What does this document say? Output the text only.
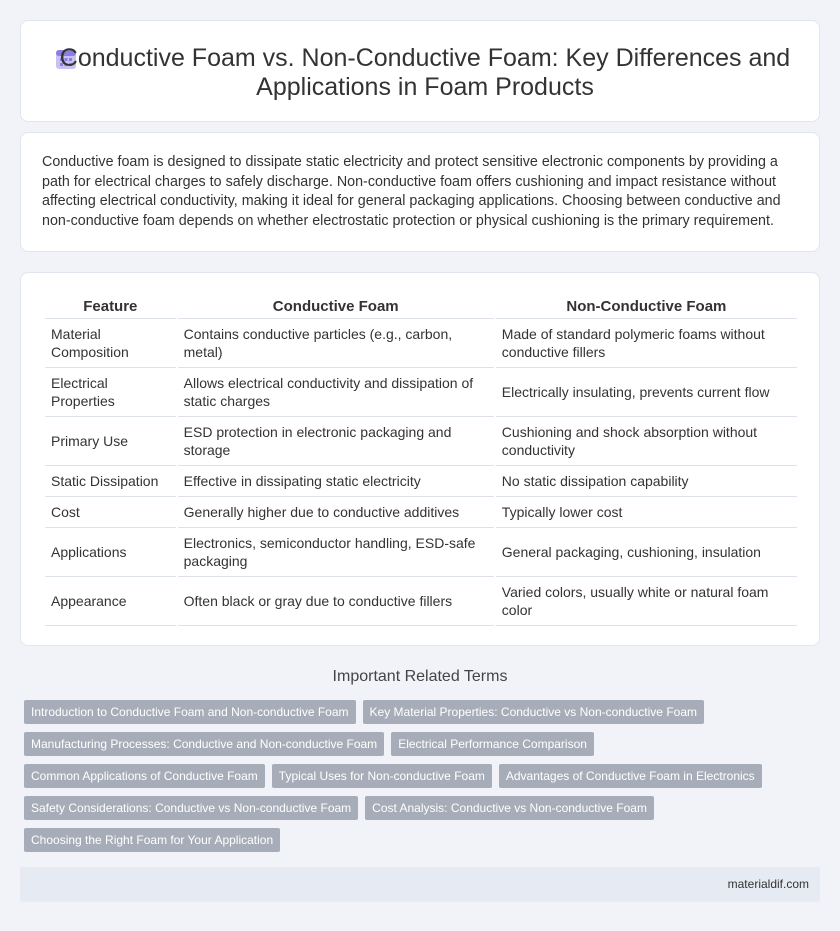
Conductive Foam vs. Non-Conductive Foam: Key Differences and Applications in Foam Products

Conductive foam is designed to dissipate static electricity and protect sensitive electronic components by providing a path for electrical charges to safely discharge. Non-conductive foam offers cushioning and impact resistance without affecting electrical conductivity, making it ideal for general packaging applications. Choosing between conductive and non-conductive foam depends on whether electrostatic protection or physical cushioning is the primary requirement.

Feature	Conductive Foam	Non-Conductive Foam
Material Composition	Contains conductive particles (e.g., carbon, metal)	Made of standard polymeric foams without conductive fillers
Electrical Properties	Allows electrical conductivity and dissipation of static charges	Electrically insulating, prevents current flow
Primary Use	ESD protection in electronic packaging and storage	Cushioning and shock absorption without conductivity
Static Dissipation	Effective in dissipating static electricity	No static dissipation capability
Cost	Generally higher due to conductive additives	Typically lower cost
Applications	Electronics, semiconductor handling, ESD-safe packaging	General packaging, cushioning, insulation
Appearance	Often black or gray due to conductive fillers	Varied colors, usually white or natural foam color
Important Related Terms
Introduction to Conductive Foam and Non-conductive Foam	Key Material Properties: Conductive vs Non-conductive Foam
Manufacturing Processes: Conductive and Non-conductive Foam	Electrical Performance Comparison
Common Applications of Conductive Foam	Typical Uses for Non-conductive Foam	Advantages of Conductive Foam in Electronics
Safety Considerations: Conductive vs Non-conductive Foam	Cost Analysis: Conductive vs Non-conductive Foam
Choosing the Right Foam for Your Application
materialdif.com
